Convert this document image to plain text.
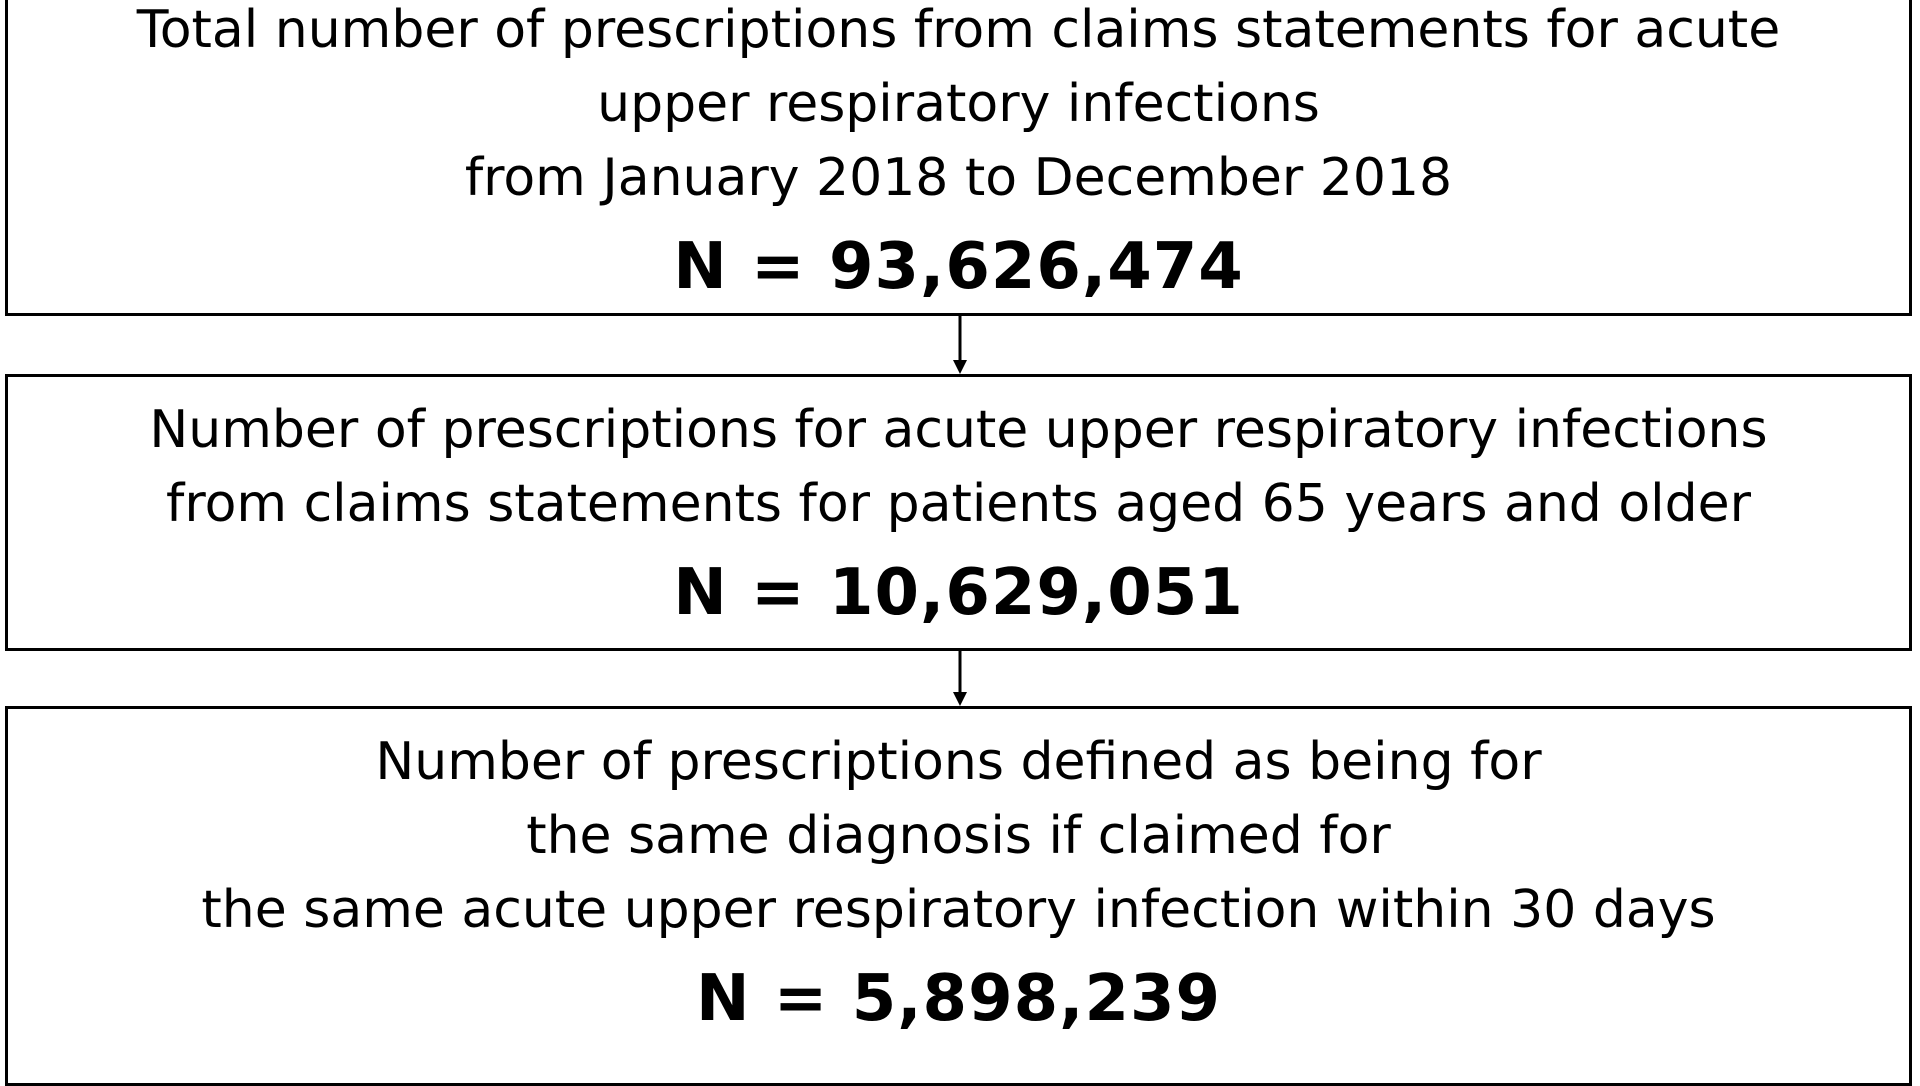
Total number of prescriptions from claims statements for acute
upper respiratory infections
from January 2018 to December 2018
N = 93,626,474
Number of prescriptions for acute upper respiratory infections
from claims statements for patients aged 65 years and older
N = 10,629,051
Number of prescriptions defined as being for
the same diagnosis if claimed for
the same acute upper respiratory infection within 30 days
N = 5,898,239
